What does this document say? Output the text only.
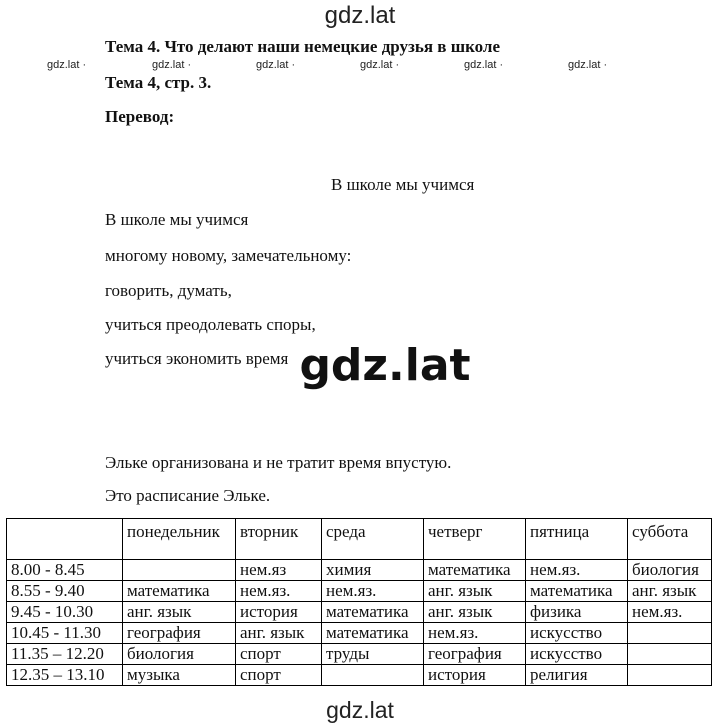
gdz.lat
Тема 4. Что делают наши немецкие друзья в школе
gdz.lat ·	gdz.lat ·	gdz.lat ·	gdz.lat ·	gdz.lat ·	gdz.lat ·
Тема 4, стр. 3.
Перевод:
В школе мы учимся
В школе мы учимся
многому новому, замечательному:
говорить, думать,
учиться преодолевать споры,
учиться экономить время gdz.lat
Эльке организована и не тратит время впустую.
Это расписание Эльке.
	понедельник	вторник	среда	четверг	пятница	суббота
8.00 - 8.45		нем.яз	химия	математика	нем.яз.	биология
8.55 - 9.40	математика	нем.яз.	нем.яз.	анг. язык	математика	анг. язык
9.45 - 10.30	анг. язык	история	математика	анг. язык	физика	нем.яз.
10.45 - 11.30	география	анг. язык	математика	нем.яз.	искусство	
11.35 – 12.20	биология	спорт	труды	география	искусство	
12.35 – 13.10	музыка	спорт		история	религия	
gdz.lat
